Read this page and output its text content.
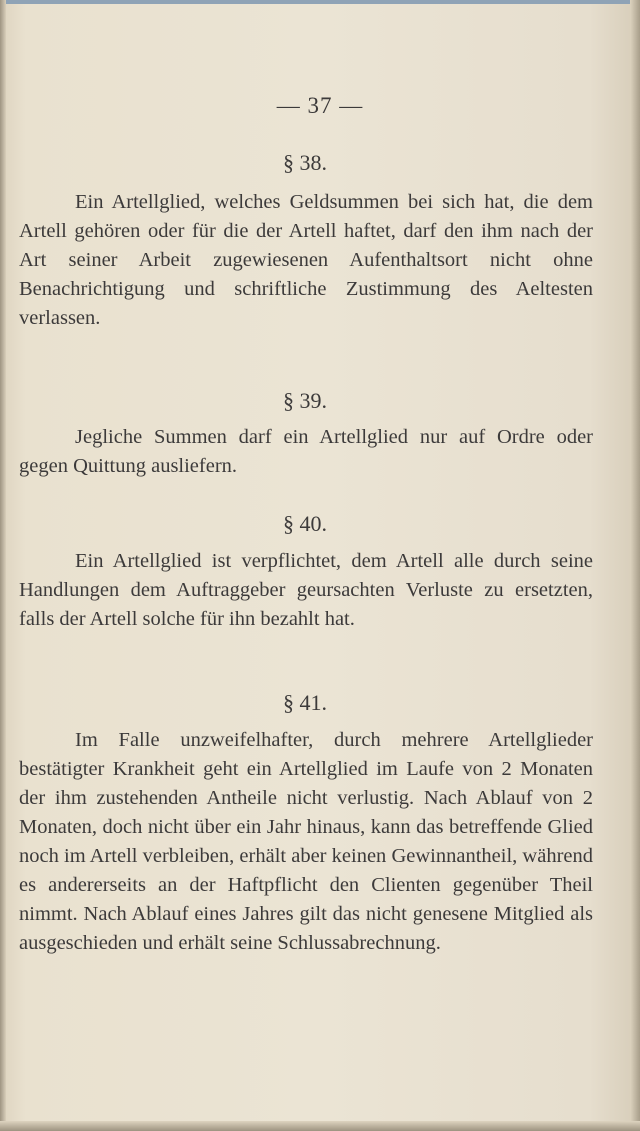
— 37 —
§ 38.

Ein Artellglied, welches Geldsummen bei sich hat, die dem Artell gehören oder für die der Artell haftet, darf den ihm nach der Art seiner Arbeit zugewiesenen Aufenthaltsort nicht ohne Benachrichtigung und schriftliche Zustimmung des Aeltesten verlassen.

§ 39.

Jegliche Summen darf ein Artellglied nur auf Ordre oder gegen Quittung ausliefern.

§ 40.

Ein Artellglied ist verpflichtet, dem Artell alle durch seine Handlungen dem Auftraggeber geursachten Verluste zu ersetzten, falls der Artell solche für ihn bezahlt hat.

§ 41.

Im Falle unzweifelhafter, durch mehrere Artellglieder bestätigter Krankheit geht ein Artellglied im Laufe von 2 Monaten der ihm zustehenden Antheile nicht verlustig. Nach Ablauf von 2 Monaten, doch nicht über ein Jahr hinaus, kann das betreffende Glied noch im Artell verbleiben, erhält aber keinen Gewinnantheil, während es andererseits an der Haftpflicht den Clienten gegenüber Theil nimmt. Nach Ablauf eines Jahres gilt das nicht genesene Mitglied als ausgeschieden und erhält seine Schlussabrechnung.
